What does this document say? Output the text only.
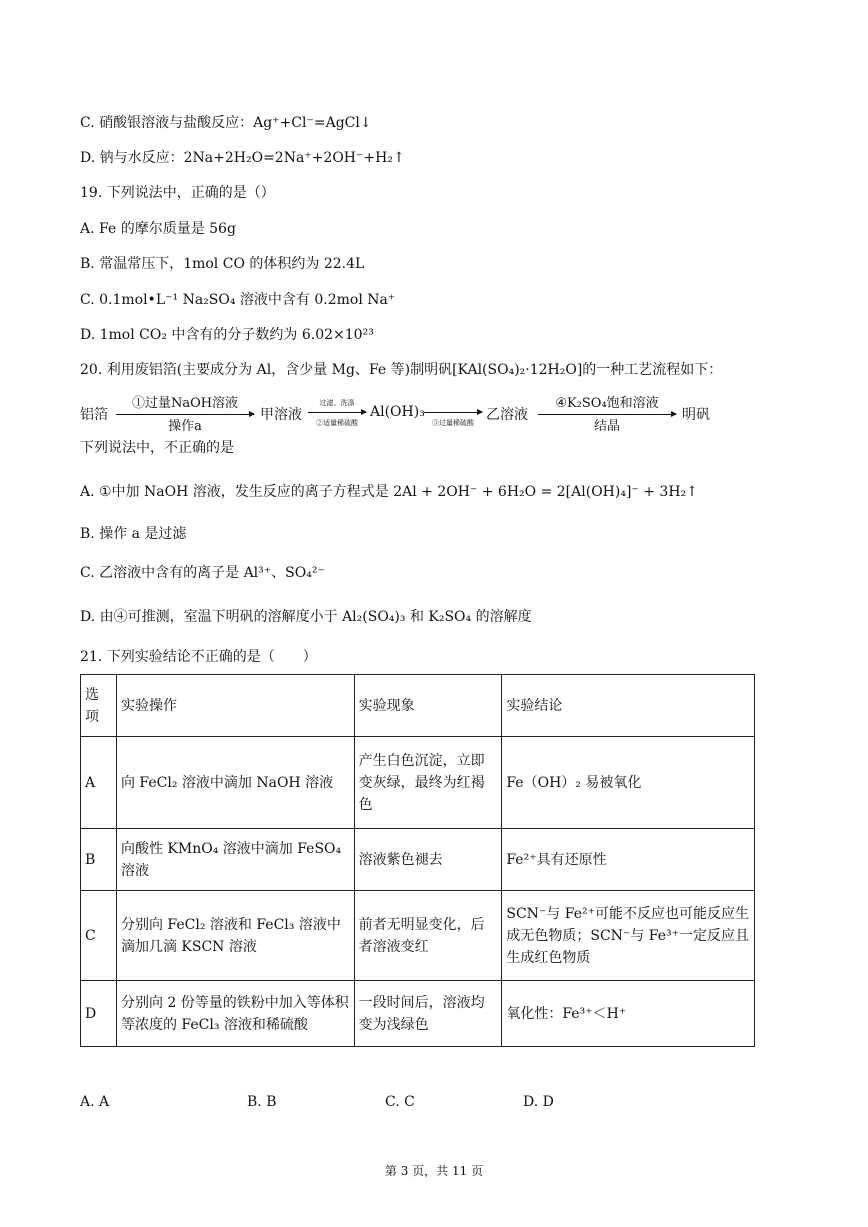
C. 硝酸银溶液与盐酸反应：Ag⁺+Cl⁻=AgCl↓
D. 钠与水反应：2Na+2H₂O=2Na⁺+2OH⁻+H₂↑
19. 下列说法中，正确的是（）
A. Fe 的摩尔质量是 56g
B. 常温常压下，1mol CO 的体积约为 22.4L
C. 0.1mol•L⁻¹ Na₂SO₄ 溶液中含有 0.2mol Na⁺
D. 1mol CO₂ 中含有的分子数约为 6.02×10²³
20. 利用废铝箔(主要成分为 Al，含少量 Mg、Fe 等)制明矾[KAl(SO₄)₂·12H₂O]的一种工艺流程如下：
铝箔
①过量NaOH溶液
操作a
甲溶液
过滤、洗涤
②适量稀硫酸
Al(OH)₃
③过量稀硫酸 乙溶液
④K₂SO₄饱和溶液
结晶
明矾
下列说法中，不正确的是
A. ①中加 NaOH 溶液，发生反应的离子方程式是 2Al + 2OH⁻ + 6H₂O = 2[Al(OH)₄]⁻ + 3H₂↑
B. 操作 a 是过滤
C. 乙溶液中含有的离子是 Al³⁺、SO₄²⁻
D. 由④可推测，室温下明矾的溶解度小于 Al₂(SO₄)₃ 和 K₂SO₄ 的溶解度
21. 下列实验结论不正确的是（　　）
选项	实验操作	实验现象	实验结论
A	向 FeCl₂ 溶液中滴加 NaOH 溶液	产生白色沉淀，立即变灰绿，最终为红褐色	Fe（OH）₂ 易被氧化
B	向酸性 KMnO₄ 溶液中滴加 FeSO₄ 溶液	溶液紫色褪去	Fe²⁺具有还原性
C	分别向 FeCl₂ 溶液和 FeCl₃ 溶液中滴加几滴 KSCN 溶液	前者无明显变化，后者溶液变红	SCN⁻与 Fe²⁺可能不反应也可能反应生成无色物质；SCN⁻与 Fe³⁺一定反应且生成红色物质
D	分别向 2 份等量的铁粉中加入等体积等浓度的 FeCl₃ 溶液和稀硫酸	一段时间后，溶液均变为浅绿色	氧化性：Fe³⁺＜H⁺
A. A	B. B	C. C	D. D
第 3 页，共 11 页
